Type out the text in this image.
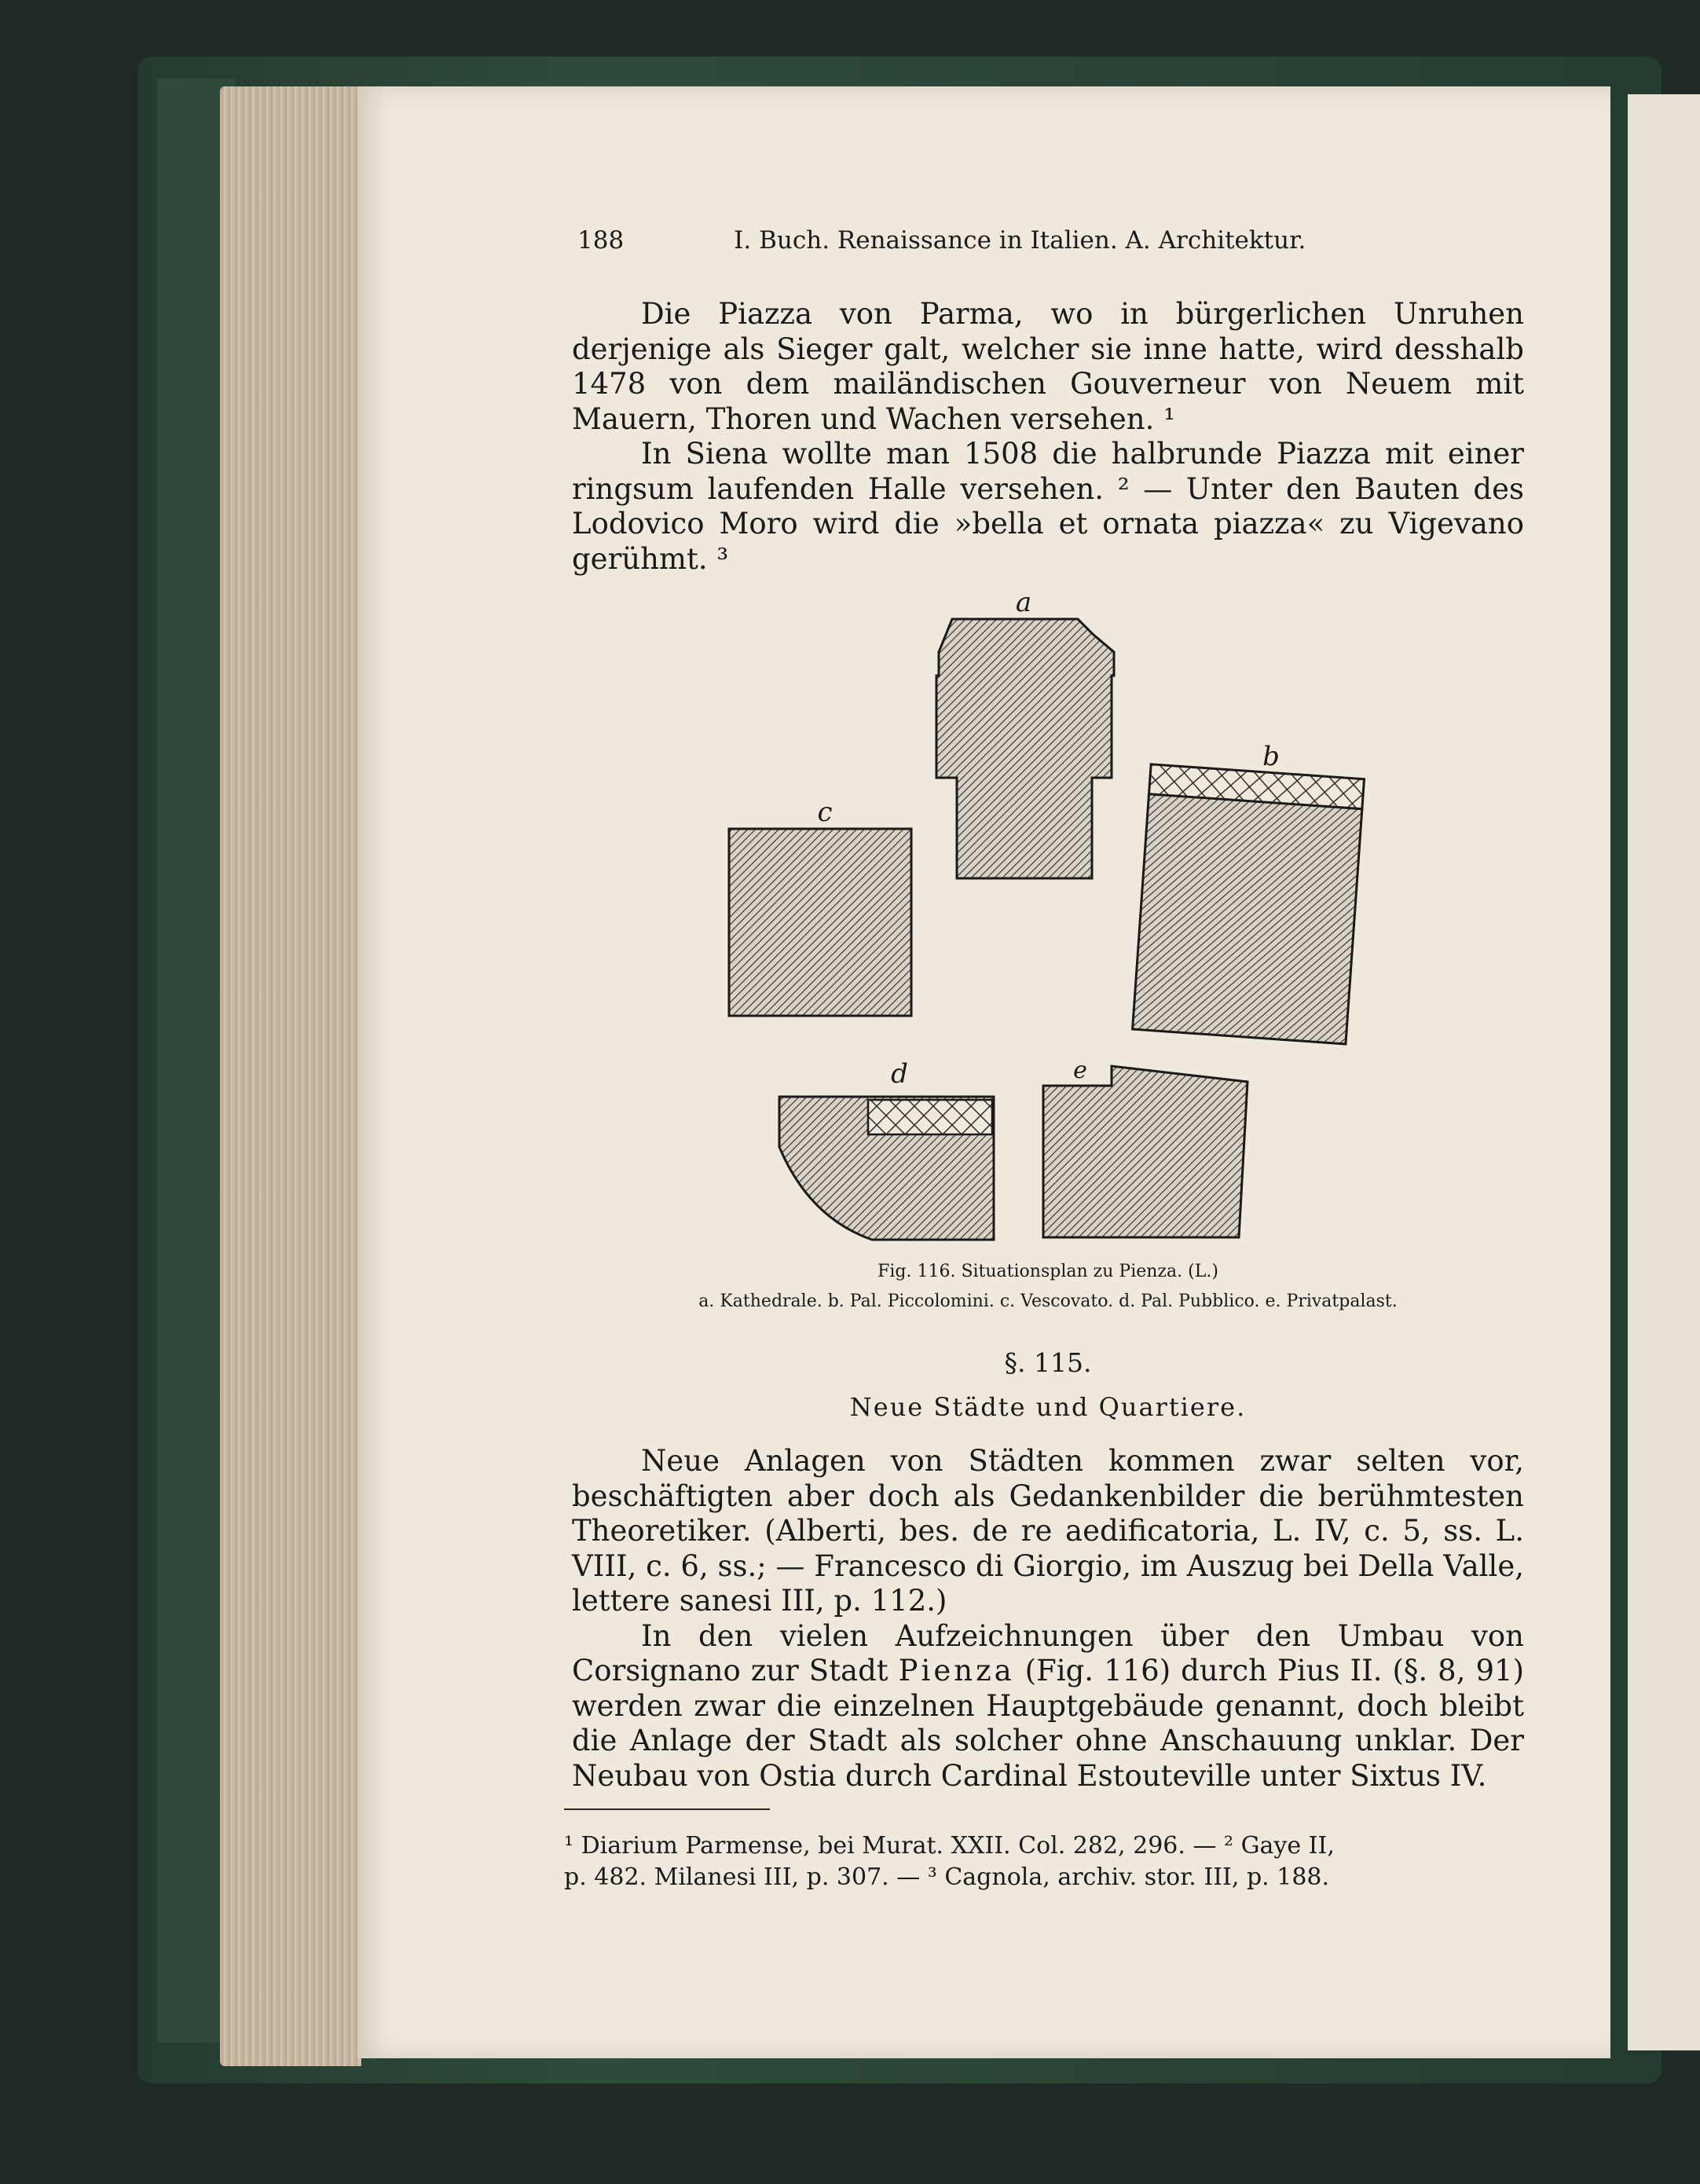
188	I. Buch. Renaissance in Italien. A. Architektur.

Die Piazza von Parma, wo in bürgerlichen Unruhen derjenige als Sieger galt, welcher sie inne hatte, wird desshalb 1478 von dem mailändischen Gouverneur von Neuem mit Mauern, Thoren und Wachen versehen. ¹

In Siena wollte man 1508 die halbrunde Piazza mit einer ringsum laufenden Halle versehen. ² — Unter den Bauten des Lodovico Moro wird die »bella et ornata piazza« zu Vigevano gerühmt. ³

a
b
c
d	e
Fig. 116. Situationsplan zu Pienza. (L.)
a. Kathedrale. b. Pal. Piccolomini. c. Vescovato. d. Pal. Pubblico. e. Privatpalast.
§. 115.
Neue Städte und Quartiere.

Neue Anlagen von Städten kommen zwar selten vor, beschäftigten aber doch als Gedankenbilder die berühmtesten Theoretiker. (Alberti, bes. de re aedificatoria, L. IV, c. 5, ss. L. VIII, c. 6, ss.; — Francesco di Giorgio, im Auszug bei Della Valle, lettere sanesi III, p. 112.)

In den vielen Aufzeichnungen über den Umbau von Corsignano zur Stadt Pienza (Fig. 116) durch Pius II. (§. 8, 91) werden zwar die einzelnen Hauptgebäude genannt, doch bleibt die Anlage der Stadt als solcher ohne Anschauung unklar. Der Neubau von Ostia durch Cardinal Estouteville unter Sixtus IV.

¹ Diarium Parmense, bei Murat. XXII. Col. 282, 296. — ² Gaye II,
p. 482. Milanesi III, p. 307. — ³ Cagnola, archiv. stor. III, p. 188.
